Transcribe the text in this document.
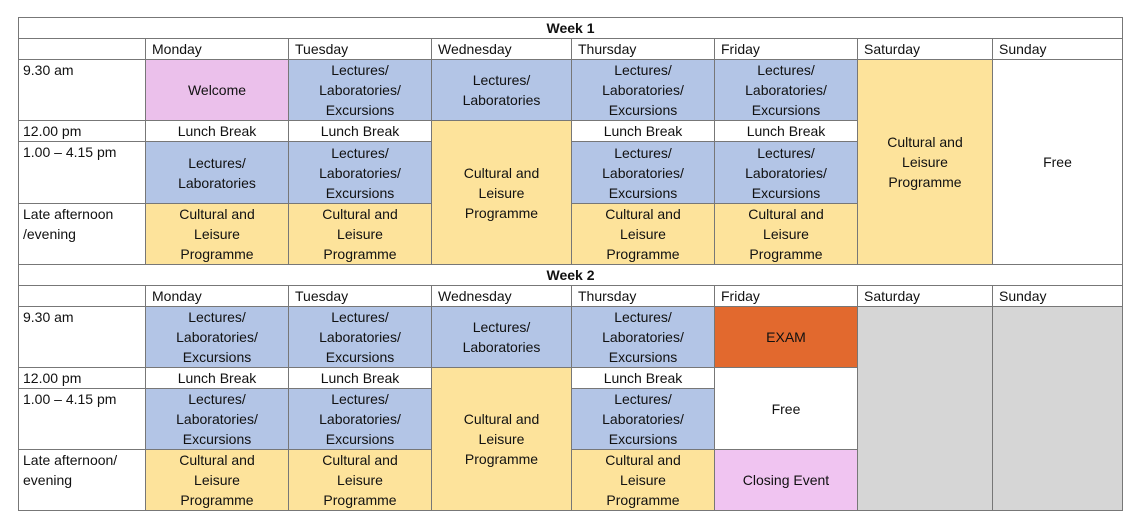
Week 1							
	Monday	Tuesday	Wednesday	Thursday	Friday	Saturday	Sunday
9.30 am	Welcome	Lectures/
Laboratories/
Excursions	Lectures/
Laboratories	Lectures/
Laboratories/
Excursions	Lectures/
Laboratories/
Excursions	Cultural and
Leisure
Programme	Free
12.00 pm	Lunch Break	Lunch Break	Cultural and
Leisure
Programme	Lunch Break	Lunch Break		
1.00 – 4.15 pm	Lectures/
Laboratories	Lectures/
Laboratories/
Excursions		Lectures/
Laboratories/
Excursions	Lectures/
Laboratories/
Excursions		
Late afternoon
/evening	Cultural and
Leisure
Programme	Cultural and
Leisure
Programme		Cultural and
Leisure
Programme	Cultural and
Leisure
Programme		
Week 2							
	Monday	Tuesday	Wednesday	Thursday	Friday	Saturday	Sunday
9.30 am	Lectures/
Laboratories/
Excursions	Lectures/
Laboratories/
Excursions	Lectures/
Laboratories	Lectures/
Laboratories/
Excursions	EXAM		
12.00 pm	Lunch Break	Lunch Break	Cultural and
Leisure
Programme	Lunch Break	Free		
1.00 – 4.15 pm	Lectures/
Laboratories/
Excursions	Lectures/
Laboratories/
Excursions		Lectures/
Laboratories/
Excursions			
Late afternoon/
evening	Cultural and
Leisure
Programme	Cultural and
Leisure
Programme		Cultural and
Leisure
Programme	Closing Event		
